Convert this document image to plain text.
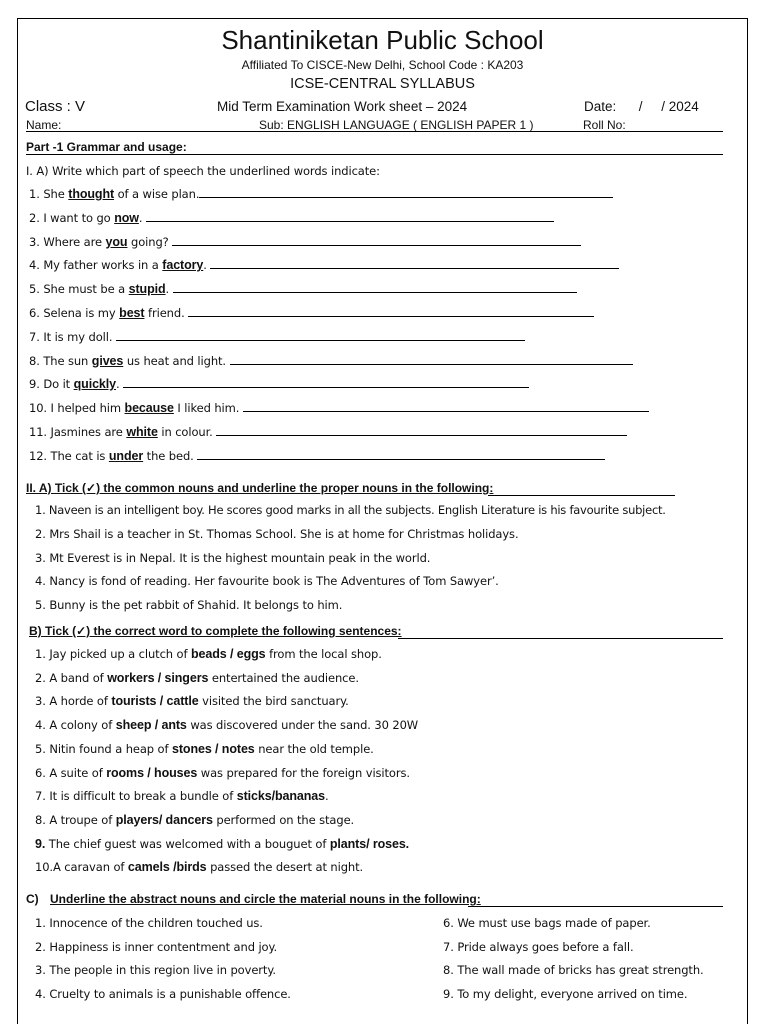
Shantiniketan Public School
Affiliated To CISCE-New Delhi, School Code : KA203
ICSE-CENTRAL SYLLABUS
Class : V	Mid Term Examination Work sheet – 2024	Date:      /     / 2024
Name:	Sub: ENGLISH LANGUAGE ( ENGLISH PAPER 1 )	Roll No:
Part -1 Grammar and usage:
I. A) Write which part of speech the underlined words indicate:
1. She thought of a wise plan.
2. I want to go now.
3. Where are you going?
4. My father works in a factory.
5. She must be a stupid.
6. Selena is my best friend.
7. It is my doll.
8. The sun gives us heat and light.
9. Do it quickly.
10. I helped him because I liked him.
11. Jasmines are white in colour.
12. The cat is under the bed.
II. A) Tick (✓) the common nouns and underline the proper nouns in the following:
1. Naveen is an intelligent boy. He scores good marks in all the subjects. English Literature is his favourite subject.
2. Mrs Shail is a teacher in St. Thomas School. She is at home for Christmas holidays.
3. Mt Everest is in Nepal. It is the highest mountain peak in the world.
4. Nancy is fond of reading. Her favourite book is The Adventures of Tom Sawyer’.
5. Bunny is the pet rabbit of Shahid. It belongs to him.
B) Tick (✓) the correct word to complete the following sentences:
1. Jay picked up a clutch of beads / eggs from the local shop.
2. A band of workers / singers entertained the audience.
3. A horde of tourists / cattle visited the bird sanctuary.
4. A colony of sheep / ants was discovered under the sand. 30 20W
5. Nitin found a heap of stones / notes near the old temple.
6. A suite of rooms / houses was prepared for the foreign visitors.
7. It is difficult to break a bundle of sticks/bananas.
8. A troupe of players/ dancers performed on the stage.
9. The chief guest was welcomed with a bouguet of plants/ roses.
10.A caravan of camels /birds passed the desert at night.
C) Underline the abstract nouns and circle the material nouns in the following:
1. Innocence of the children touched us.
2. Happiness is inner contentment and joy.
3. The people in this region live in poverty.
4. Cruelty to animals is a punishable offence.
6. We must use bags made of paper.
7. Pride always goes before a fall.
8. The wall made of bricks has great strength.
9. To my delight, everyone arrived on time.
